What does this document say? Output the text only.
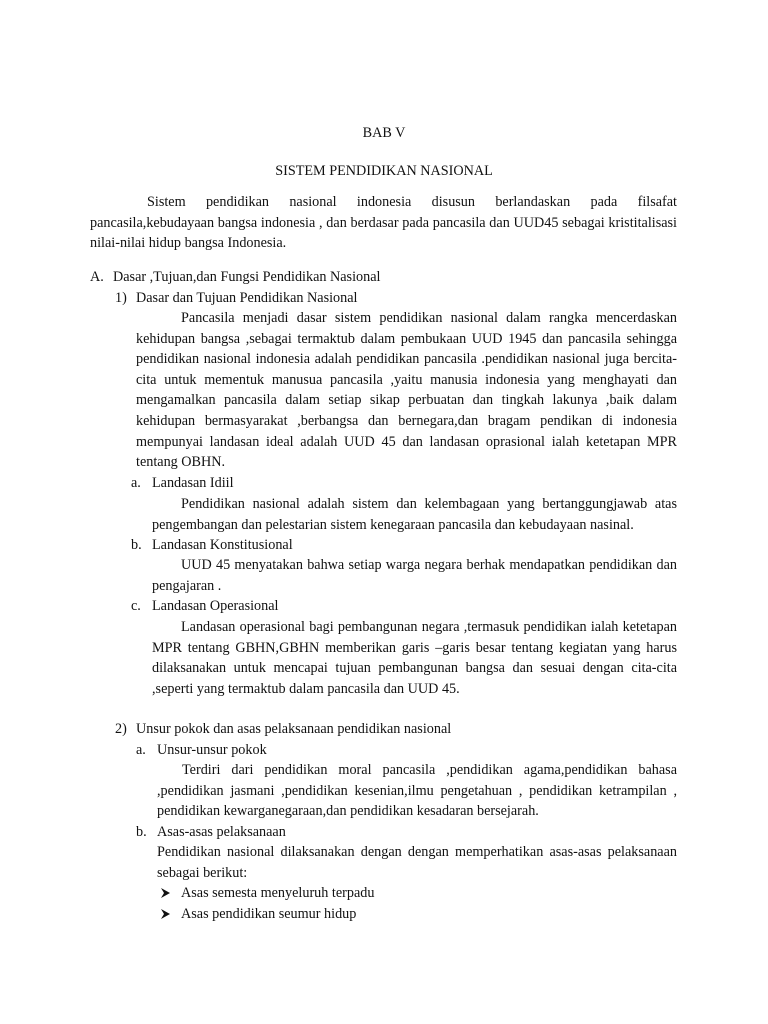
BAB V
SISTEM PENDIDIKAN NASIONAL

Sistem pendidikan nasional indonesia disusun berlandaskan pada filsafat pancasila,kebudayaan bangsa indonesia , dan berdasar pada pancasila dan UUD45 sebagai kristitalisasi nilai-nilai hidup bangsa Indonesia.

A. Dasar ,Tujuan,dan Fungsi Pendidikan Nasional
1) Dasar dan Tujuan Pendidikan Nasional

Pancasila menjadi dasar sistem pendidikan nasional dalam rangka mencerdaskan kehidupan bangsa ,sebagai termaktub dalam pembukaan UUD 1945 dan pancasila sehingga pendidikan nasional indonesia adalah pendidikan pancasila .pendidikan nasional juga bercita-cita untuk mementuk manusua pancasila ,yaitu manusia indonesia yang menghayati dan mengamalkan pancasila dalam setiap sikap perbuatan dan tingkah lakunya ,baik dalam kehidupan bermasyarakat ,berbangsa dan bernegara,dan bragam pendikan di indonesia mempunyai landasan ideal adalah UUD 45 dan landasan oprasional ialah ketetapan MPR tentang OBHN.

a. Landasan Idiil

Pendidikan nasional adalah sistem dan kelembagaan yang bertanggungjawab atas pengembangan dan pelestarian sistem kenegaraan pancasila dan kebudayaan nasinal.

b. Landasan Konstitusional

UUD 45 menyatakan bahwa setiap warga negara berhak mendapatkan pendidikan dan pengajaran .

c. Landasan Operasional

Landasan operasional bagi pembangunan negara ,termasuk pendidikan ialah ketetapan MPR tentang GBHN,GBHN memberikan garis –garis besar tentang kegiatan yang harus dilaksanakan untuk mencapai tujuan pembangunan bangsa dan sesuai dengan cita-cita ,seperti yang termaktub dalam pancasila dan UUD 45.

2) Unsur pokok dan asas pelaksanaan pendidikan nasional
a. Unsur-unsur pokok

Terdiri dari pendidikan moral pancasila ,pendidikan agama,pendidikan bahasa ,pendidikan jasmani ,pendidikan kesenian,ilmu pengetahuan , pendidikan ketrampilan , pendidikan kewarganegaraan,dan pendidikan kesadaran bersejarah.

b. Asas-asas pelaksanaan

Pendidikan nasional dilaksanakan dengan dengan memperhatikan asas-asas pelaksanaan sebagai berikut:

Asas semesta menyeluruh terpadu
Asas pendidikan seumur hidup
